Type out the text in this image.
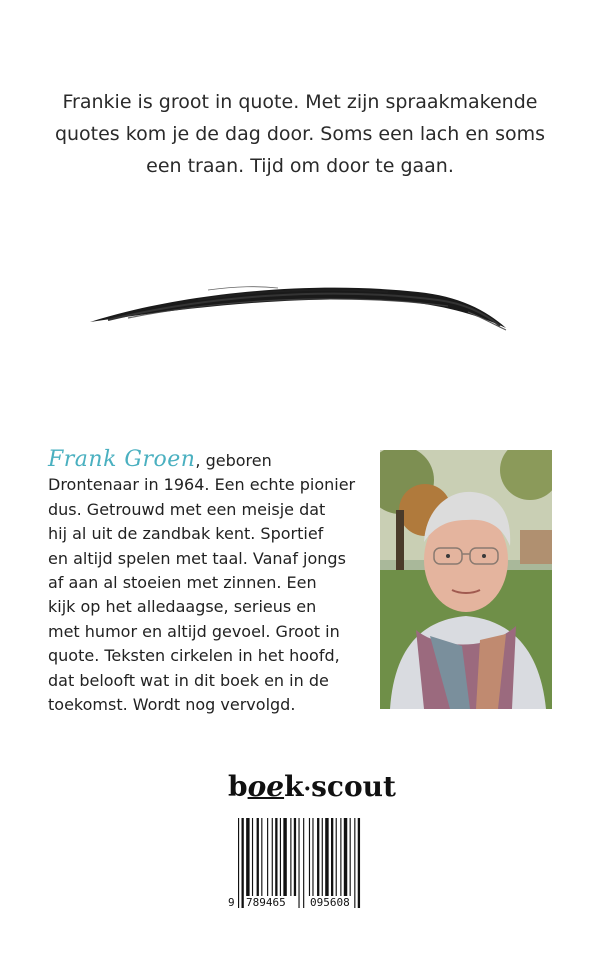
Frankie is groot in quote. Met zijn spraakmakende
quotes kom je de dag door. Soms een lach en soms
een traan. Tijd om door te gaan.
Frank Groen, geboren
Drontenaar in 1964. Een echte pionier
dus. Getrouwd met een meisje dat
hij al uit de zandbak kent. Sportief
en altijd spelen met taal. Vanaf jongs
af aan al stoeien met zinnen. Een
kijk op het alledaagse, serieus en
met humor en altijd gevoel. Groot in
quote. Teksten cirkelen in het hoofd,
dat belooft wat in dit boek en in de
toekomst. Wordt nog vervolgd.
boek·scout
9 789465 095608
